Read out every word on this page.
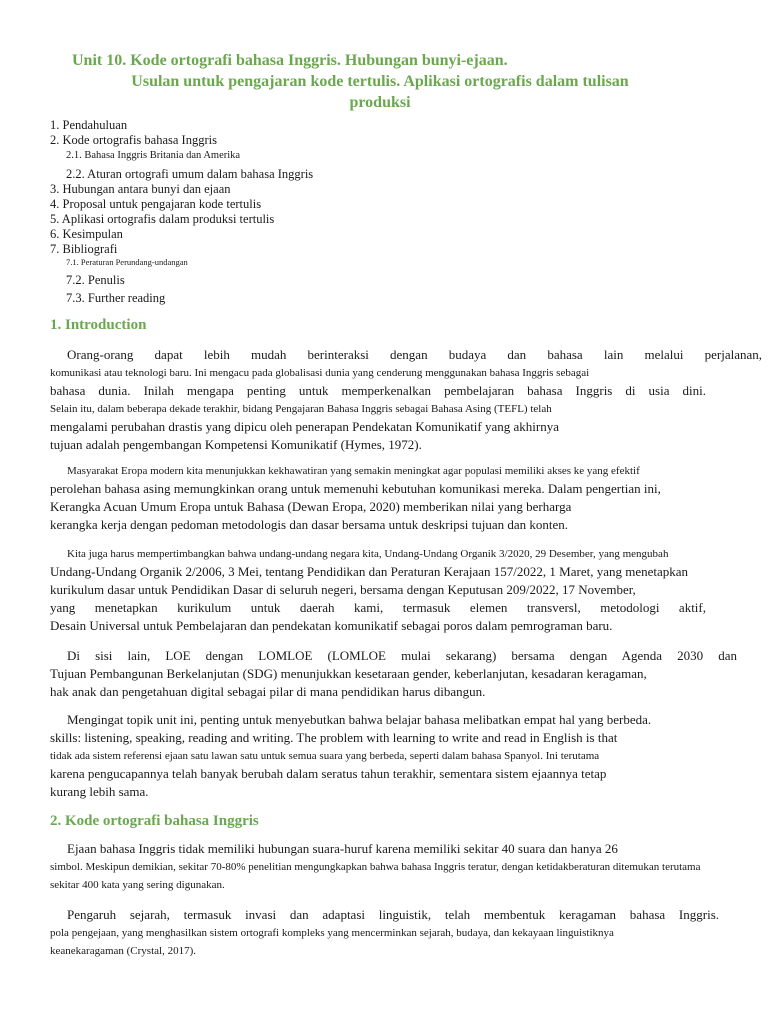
Unit 10. Kode ortografi bahasa Inggris. Hubungan bunyi-ejaan.
Usulan untuk pengajaran kode tertulis. Aplikasi ortografis dalam tulisan
produksi
1. Pendahuluan
2. Kode ortografis bahasa Inggris
2.1. Bahasa Inggris Britania dan Amerika
2.2. Aturan ortografi umum dalam bahasa Inggris
3. Hubungan antara bunyi dan ejaan
4. Proposal untuk pengajaran kode tertulis
5. Aplikasi ortografis dalam produksi tertulis
6. Kesimpulan
7. Bibliografi
7.1. Peraturan Perundang-undangan
7.2. Penulis
7.3. Further reading
1. Introduction
Orang-orang dapat lebih mudah berinteraksi dengan budaya dan bahasa lain melalui perjalanan,
komunikasi atau teknologi baru. Ini mengacu pada globalisasi dunia yang cenderung menggunakan bahasa Inggris sebagai
bahasa dunia. Inilah mengapa penting untuk memperkenalkan pembelajaran bahasa Inggris di usia dini.
Selain itu, dalam beberapa dekade terakhir, bidang Pengajaran Bahasa Inggris sebagai Bahasa Asing (TEFL) telah
mengalami perubahan drastis yang dipicu oleh penerapan Pendekatan Komunikatif yang akhirnya
tujuan adalah pengembangan Kompetensi Komunikatif (Hymes, 1972).
Masyarakat Eropa modern kita menunjukkan kekhawatiran yang semakin meningkat agar populasi memiliki akses ke yang efektif
perolehan bahasa asing memungkinkan orang untuk memenuhi kebutuhan komunikasi mereka. Dalam pengertian ini,
Kerangka Acuan Umum Eropa untuk Bahasa (Dewan Eropa, 2020) memberikan nilai yang berharga
kerangka kerja dengan pedoman metodologis dan dasar bersama untuk deskripsi tujuan dan konten.
Kita juga harus mempertimbangkan bahwa undang-undang negara kita, Undang-Undang Organik 3/2020, 29 Desember, yang mengubah
Undang-Undang Organik 2/2006, 3 Mei, tentang Pendidikan dan Peraturan Kerajaan 157/2022, 1 Maret, yang menetapkan
kurikulum dasar untuk Pendidikan Dasar di seluruh negeri, bersama dengan Keputusan 209/2022, 17 November,
yang menetapkan kurikulum untuk daerah kami, termasuk elemen transversl, metodologi aktif,
Desain Universal untuk Pembelajaran dan pendekatan komunikatif sebagai poros dalam pemrograman baru.
Di sisi lain, LOE dengan LOMLOE (LOMLOE mulai sekarang) bersama dengan Agenda 2030 dan
Tujuan Pembangunan Berkelanjutan (SDG) menunjukkan kesetaraan gender, keberlanjutan, kesadaran keragaman,
hak anak dan pengetahuan digital sebagai pilar di mana pendidikan harus dibangun.
Mengingat topik unit ini, penting untuk menyebutkan bahwa belajar bahasa melibatkan empat hal yang berbeda.
skills: listening, speaking, reading and writing. The problem with learning to write and read in English is that
tidak ada sistem referensi ejaan satu lawan satu untuk semua suara yang berbeda, seperti dalam bahasa Spanyol. Ini terutama
karena pengucapannya telah banyak berubah dalam seratus tahun terakhir, sementara sistem ejaannya tetap
kurang lebih sama.
2. Kode ortografi bahasa Inggris
Ejaan bahasa Inggris tidak memiliki hubungan suara-huruf karena memiliki sekitar 40 suara dan hanya 26
simbol. Meskipun demikian, sekitar 70-80% penelitian mengungkapkan bahwa bahasa Inggris teratur, dengan ketidakberaturan ditemukan terutama
sekitar 400 kata yang sering digunakan.
Pengaruh sejarah, termasuk invasi dan adaptasi linguistik, telah membentuk keragaman bahasa Inggris.
pola pengejaan, yang menghasilkan sistem ortografi kompleks yang mencerminkan sejarah, budaya, dan kekayaan linguistiknya
keanekaragaman (Crystal, 2017).
